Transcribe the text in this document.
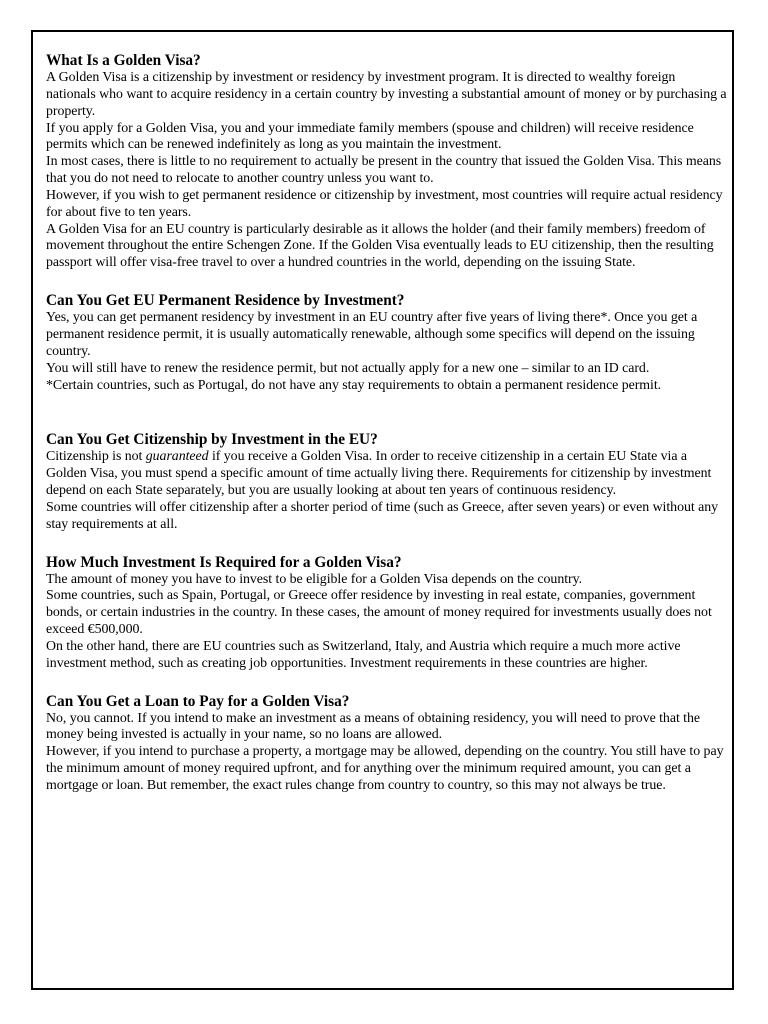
What Is a Golden Visa?

A Golden Visa is a citizenship by investment or residency by investment program. It is directed to wealthy foreign nationals who want to acquire residency in a certain country by investing a substantial amount of money or by purchasing a property.

If you apply for a Golden Visa, you and your immediate family members (spouse and children) will receive residence permits which can be renewed indefinitely as long as you maintain the investment.

In most cases, there is little to no requirement to actually be present in the country that issued the Golden Visa. This means that you do not need to relocate to another country unless you want to.

However, if you wish to get permanent residence or citizenship by investment, most countries will require actual residency for about five to ten years.

A Golden Visa for an EU country is particularly desirable as it allows the holder (and their family members) freedom of movement throughout the entire Schengen Zone. If the Golden Visa eventually leads to EU citizenship, then the resulting passport will offer visa-free travel to over a hundred countries in the world, depending on the issuing State.

Can You Get EU Permanent Residence by Investment?

Yes, you can get permanent residency by investment in an EU country after five years of living there*. Once you get a permanent residence permit, it is usually automatically renewable, although some specifics will depend on the issuing country.

You will still have to renew the residence permit, but not actually apply for a new one – similar to an ID card.

*Certain countries, such as Portugal, do not have any stay requirements to obtain a permanent residence permit.

Can You Get Citizenship by Investment in the EU?

Citizenship is not guaranteed if you receive a Golden Visa. In order to receive citizenship in a certain EU State via a Golden Visa, you must spend a specific amount of time actually living there. Requirements for citizenship by investment depend on each State separately, but you are usually looking at about ten years of continuous residency.

Some countries will offer citizenship after a shorter period of time (such as Greece, after seven years) or even without any stay requirements at all.

How Much Investment Is Required for a Golden Visa?

The amount of money you have to invest to be eligible for a Golden Visa depends on the country.

Some countries, such as Spain, Portugal, or Greece offer residence by investing in real estate, companies, government bonds, or certain industries in the country. In these cases, the amount of money required for investments usually does not exceed €500,000.

On the other hand, there are EU countries such as Switzerland, Italy, and Austria which require a much more active investment method, such as creating job opportunities. Investment requirements in these countries are higher.

Can You Get a Loan to Pay for a Golden Visa?

No, you cannot. If you intend to make an investment as a means of obtaining residency, you will need to prove that the money being invested is actually in your name, so no loans are allowed.

However, if you intend to purchase a property, a mortgage may be allowed, depending on the country. You still have to pay the minimum amount of money required upfront, and for anything over the minimum required amount, you can get a mortgage or loan. But remember, the exact rules change from country to country, so this may not always be true.
